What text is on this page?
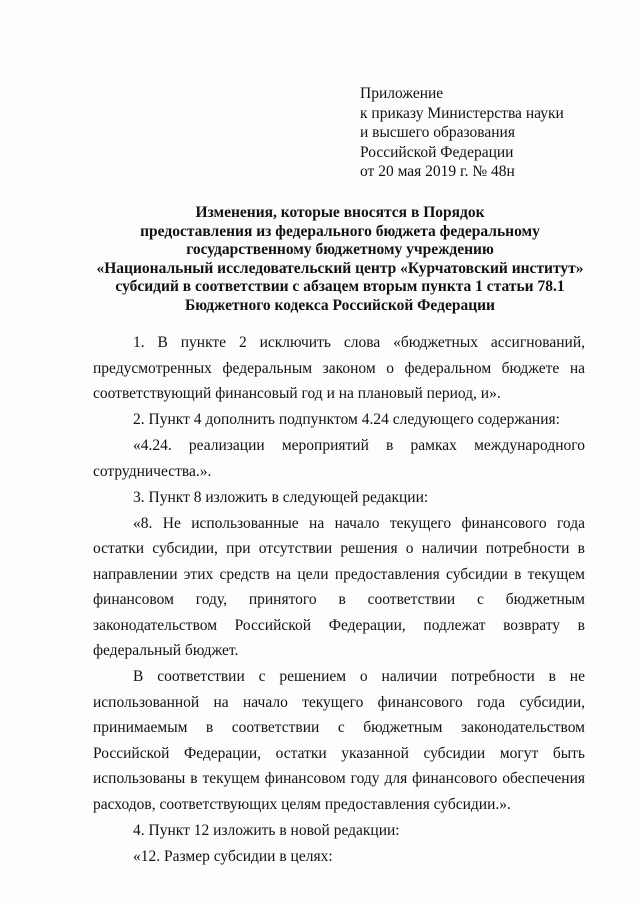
Приложение
к приказу Министерства науки
и высшего образования
Российской Федерации
от 20 мая 2019 г. № 48н
Изменения, которые вносятся в Порядок
предоставления из федерального бюджета федеральному
государственному бюджетному учреждению
«Национальный исследовательский центр «Курчатовский институт»
субсидий в соответствии с абзацем вторым пункта 1 статьи 78.1
Бюджетного кодекса Российской Федерации

1. В пункте 2 исключить слова «бюджетных ассигнований, предусмотренных федеральным законом о федеральном бюджете на соответствующий финансовый год и на плановый период, и».

2. Пункт 4 дополнить подпунктом 4.24 следующего содержания:

«4.24. реализации мероприятий в рамках международного сотрудничества.».

3. Пункт 8 изложить в следующей редакции:

«8. Не использованные на начало текущего финансового года остатки субсидии, при отсутствии решения о наличии потребности в направлении этих средств на цели предоставления субсидии в текущем финансовом году, принятого в соответствии с бюджетным законодательством Российской Федерации, подлежат возврату в федеральный бюджет.

В соответствии с решением о наличии потребности в не использованной на начало текущего финансового года субсидии, принимаемым в соответствии с бюджетным законодательством Российской Федерации, остатки указанной субсидии могут быть использованы в текущем финансовом году для финансового обеспечения расходов, соответствующих целям предоставления субсидии.».

4. Пункт 12 изложить в новой редакции:

«12. Размер субсидии в целях:
